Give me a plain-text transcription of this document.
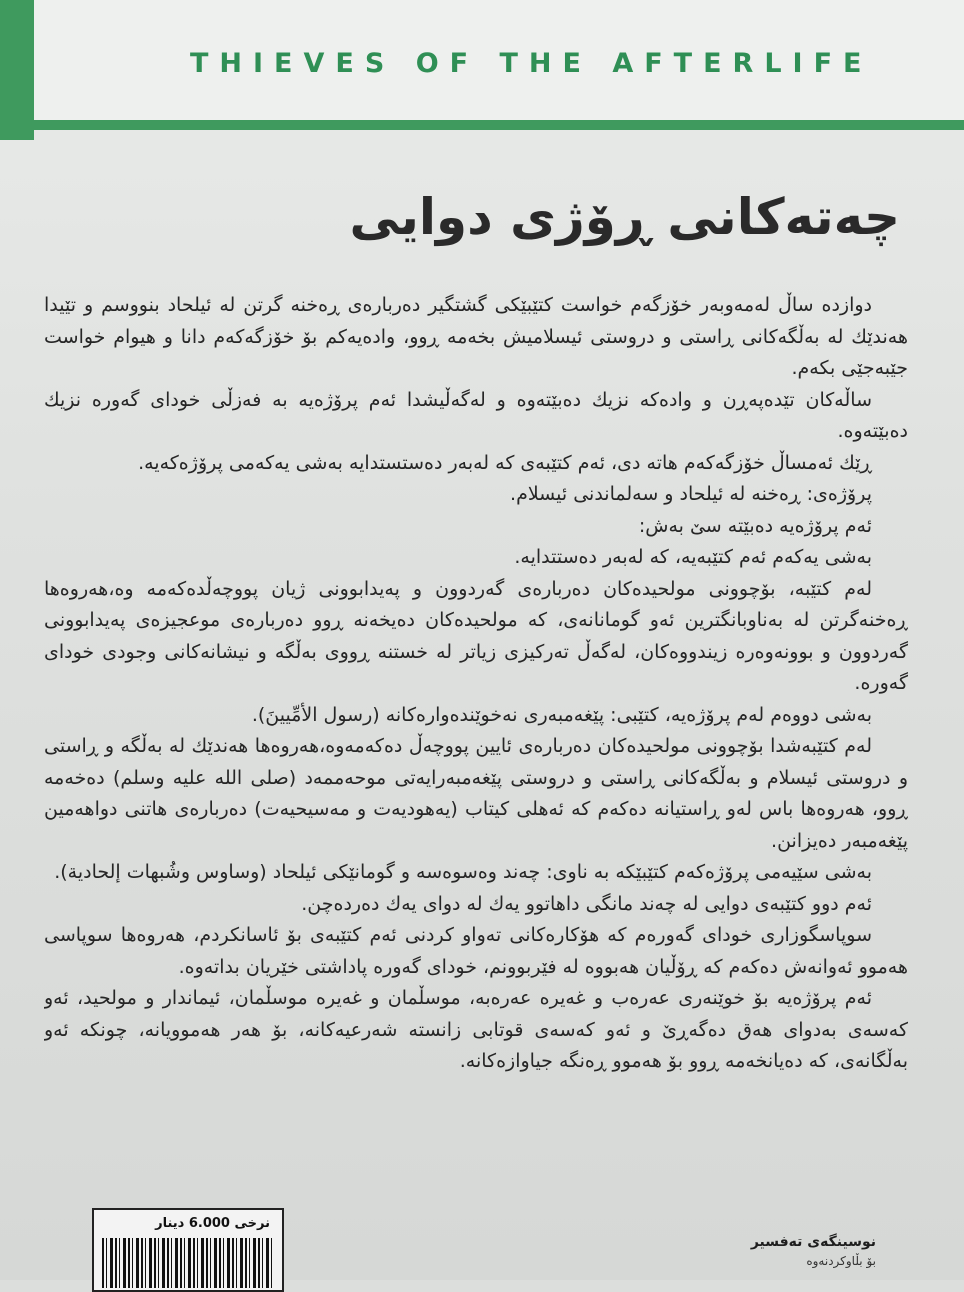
THIEVES OF THE AFTERLIFE
چەتەکانی ڕۆژی دوایی

دوازدە ساڵ لەمەوبەر خۆزگەم خواست کتێبێکی گشتگیر دەربارەی ڕەخنە گرتن لە ئیلحاد بنووسم و تێیدا هەندێك لە بەڵگەکانی ڕاستی و دروستی ئیسلامیش بخەمە ڕوو، وادەیەکم بۆ خۆزگەکەم دانا و هیوام خواست جێبەجێی بکەم.

ساڵەکان تێدەپەڕن و وادەکە نزیك دەبێتەوە و لەگەڵیشدا ئەم پرۆژەیە بە فەزڵی خودای گەورە نزیك دەبێتەوە.

ڕێك ئەمساڵ خۆزگەکەم هاتە دی، ئەم کتێبەی کە لەبەر دەستستدایە بەشی یەکەمی پرۆژەکەیە.

پرۆژەی: ڕەخنە لە ئیلحاد و سەلماندنی ئیسلام.

ئەم پرۆژەیە دەبێتە سێ بەش:

بەشی یەکەم ئەم کتێبەیە، کە لەبەر دەستتدایە.

لەم کتێبە، بۆچوونی مولحیدەکان دەربارەی گەردوون و پەیدابوونی ژیان پووچەڵدەکەمە وە،هەروەها ڕەخنەگرتن لە بەناوبانگترین ئەو گومانانەی، کە مولحیدەکان دەیخەنە ڕوو دەربارەی موعجیزەی پەیدابوونی گەردوون و بوونەوەرە زیندووەکان، لەگەڵ تەرکیزی زیاتر لە خستنە ڕووی بەڵگە و نیشانەکانی وجودی خودای گەورە.

بەشی دووەم لەم پرۆژەیە، کتێبی: پێغەمبەری نەخوێندەوارەکانە (رسول الأمِّيينَ).

لەم کتێبەشدا بۆچوونی مولحیدەکان دەربارەی ئایین پووچەڵ دەکەمەوە،هەروەها هەندێك لە بەڵگە و ڕاستی و دروستی ئیسلام و بەڵگەکانی ڕاستی و دروستی پێغەمبەرایەتی موحەممەد (صلى الله عليه وسلم) دەخەمە ڕوو، هەروەها باس لەو ڕاستیانە دەکەم کە ئەهلی کیتاب (یەهودیەت و مەسیحیەت) دەربارەی هاتنی دواهەمین پێغەمبەر دەیزانن.

بەشی سێیەمی پرۆژەکەم کتێبێکە بە ناوی: چەند وەسوەسە و گومانێکی ئیلحاد (وساوس وشُبهات إلحادية).

ئەم دوو کتێبەی دوایی لە چەند مانگی داهاتوو یەك لە دوای یەك دەردەچن.

سوپاسگوزاری خودای گەورەم کە هۆکارەکانی تەواو کردنی ئەم کتێبەی بۆ ئاسانکردم، هەروەها سوپاسی هەموو ئەوانەش دەکەم کە ڕۆڵیان هەبووە لە فێربوونم، خودای گەورە پاداشتی خێریان بداتەوە.

ئەم پرۆژەیە بۆ خوێنەری عەرەب و غەیرە عەرەبە، موسڵمان و غەیرە موسڵمان، ئیماندار و مولحید، ئەو کەسەی بەدوای هەق دەگەڕێ و ئەو کەسەی قوتابی زانستە شەرعیەکانە، بۆ هەر هەموویانە، چونکە ئەو بەڵگانەی، کە دەیانخەمە ڕوو بۆ هەموو ڕەنگە جیاوازەکانە.

نرخی 6.000 دینار
نوسینگەی تەفسیر
بۆ بڵاوکردنەوە
